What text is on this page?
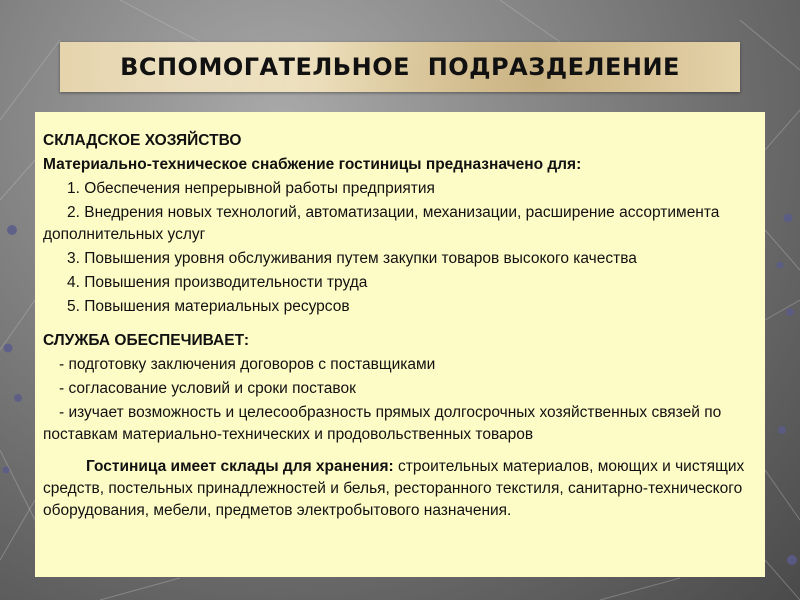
ВСПОМОГАТЕЛЬНОЕ  ПОДРАЗДЕЛЕНИЕ

СКЛАДСКОЕ ХОЗЯЙСТВО

Материально-техническое снабжение гостиницы предназначено для:

1. Обеспечения непрерывной работы предприятия

2. Внедрения новых технологий, автоматизации, механизации, расширение ассортимента дополнительных услуг

3. Повышения уровня обслуживания путем закупки товаров высокого качества

4. Повышения производительности труда

5. Повышения материальных ресурсов

СЛУЖБА ОБЕСПЕЧИВАЕТ:

- подготовку заключения договоров с поставщиками

- согласование условий и сроки поставок

- изучает возможность и целесообразность прямых долгосрочных хозяйственных связей по поставкам материально-технических и продовольственных товаров

Гостиница имеет склады для хранения: строительных материалов, моющих и чистящих средств, постельных принадлежностей и белья, ресторанного текстиля, санитарно-технического оборудования, мебели, предметов электробытового назначения.
